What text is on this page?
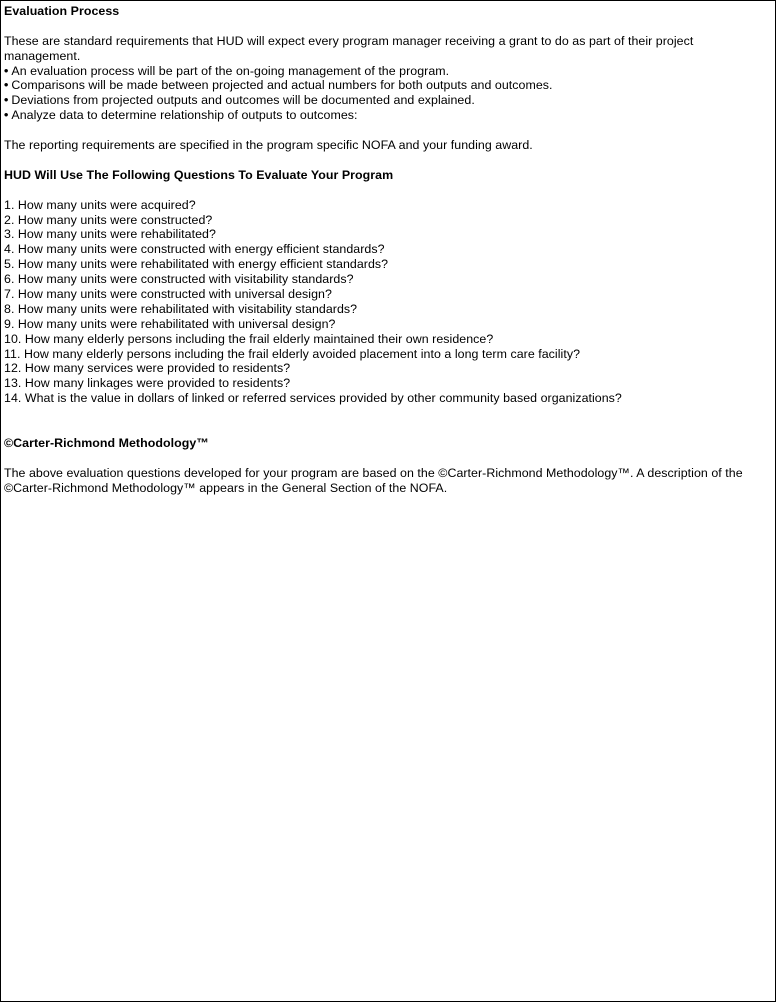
Evaluation Process
These are standard requirements that HUD will expect every program manager receiving a grant to do as part of their project management.
• An evaluation process will be part of the on-going management of the program.
• Comparisons will be made between projected and actual numbers for both outputs and outcomes.
• Deviations from projected outputs and outcomes will be documented and explained.
• Analyze data to determine relationship of outputs to outcomes:
The reporting requirements are specified in the program specific NOFA and your funding award.
HUD Will Use The Following Questions To Evaluate Your Program
1. How many units were acquired?
2. How many units were constructed?
3. How many units were rehabilitated?
4. How many units were constructed with energy efficient standards?
5. How many units were rehabilitated with energy efficient standards?
6. How many units were constructed with visitability standards?
7. How many units were constructed with universal design?
8. How many units were rehabilitated with visitability standards?
9. How many units were rehabilitated with universal design?
10. How many elderly persons including the frail elderly maintained their own residence?
11. How many elderly persons including the frail elderly avoided placement into a long term care facility?
12. How many services were provided to residents?
13. How many linkages were provided to residents?
14. What is the value in dollars of linked or referred services provided by other community based organizations?
©Carter-Richmond Methodology™
The above evaluation questions developed for your program are based on the ©Carter-Richmond Methodology™. A description of the ©Carter-Richmond Methodology™ appears in the General Section of the NOFA.
